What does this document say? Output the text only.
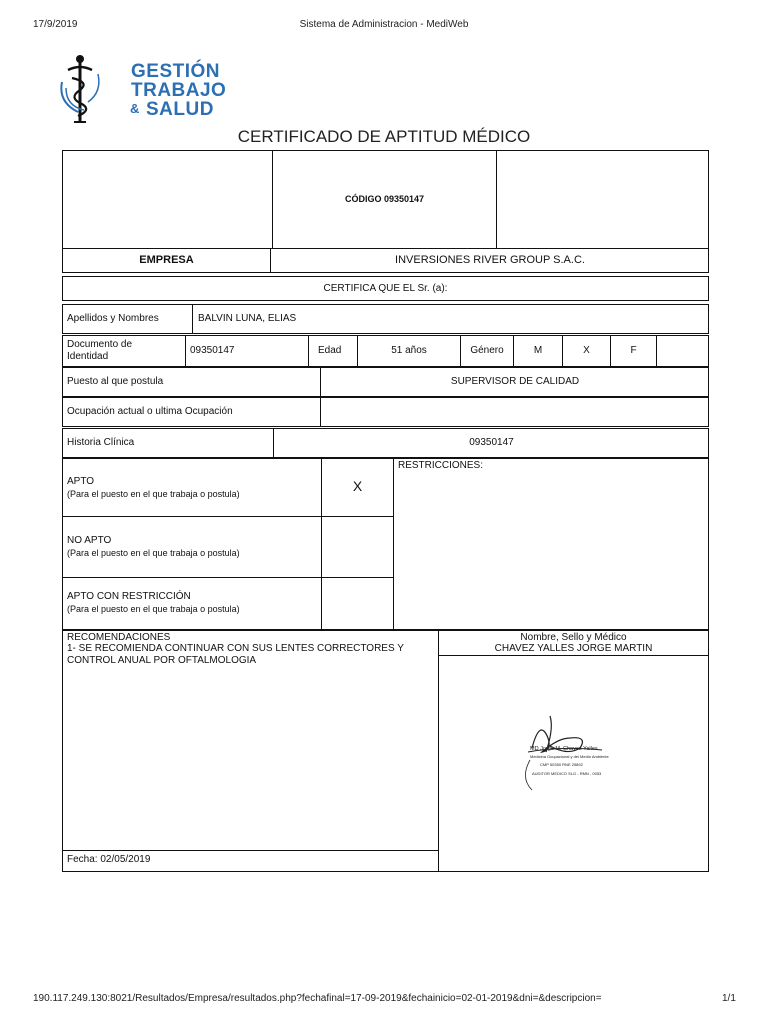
17/9/2019	Sistema de Administracion - MediWeb
190.117.249.130:8021/Resultados/Empresa/resultados.php?fechafinal=17-09-2019&fechainicio=02-01-2019&dni=&descripcion=	1/1
GESTIÓN
TRABAJO
& SALUD
CERTIFICADO DE APTITUD MÉDICO
CÓDIGO 09350147
EMPRESA	INVERSIONES RIVER GROUP S.A.C.
CERTIFICA QUE EL Sr. (a):
Apellidos y Nombres	BALVIN LUNA, ELIAS
Documento de
Identidad
09350147	Edad	51 años	Género	M	X	F
Puesto al que postula	SUPERVISOR DE CALIDAD
Ocupación actual o ultima Ocupación
Historia Clínica	09350147
APTO
(Para el puesto en el que trabaja o postula)	X
NO APTO
(Para el puesto en el que trabaja o postula)
APTO CON RESTRICCIÓN
(Para el puesto en el que trabaja o postula)
RESTRICCIONES:
RECOMENDACIONES
1- SE RECOMIENDA CONTINUAR CON SUS LENTES CORRECTORES Y
CONTROL ANUAL POR OFTALMOLOGIA
Fecha: 02/05/2019
Nombre, Sello y Médico
CHAVEZ YALLES JORGE MARTIN
MD Jorge M. Chavez Yalles
Medicina Ocupacional y del Medio Ambiente
CMP 50350 RNE 25892
AUDITOR MEDICO SLG - RMN - 0053
